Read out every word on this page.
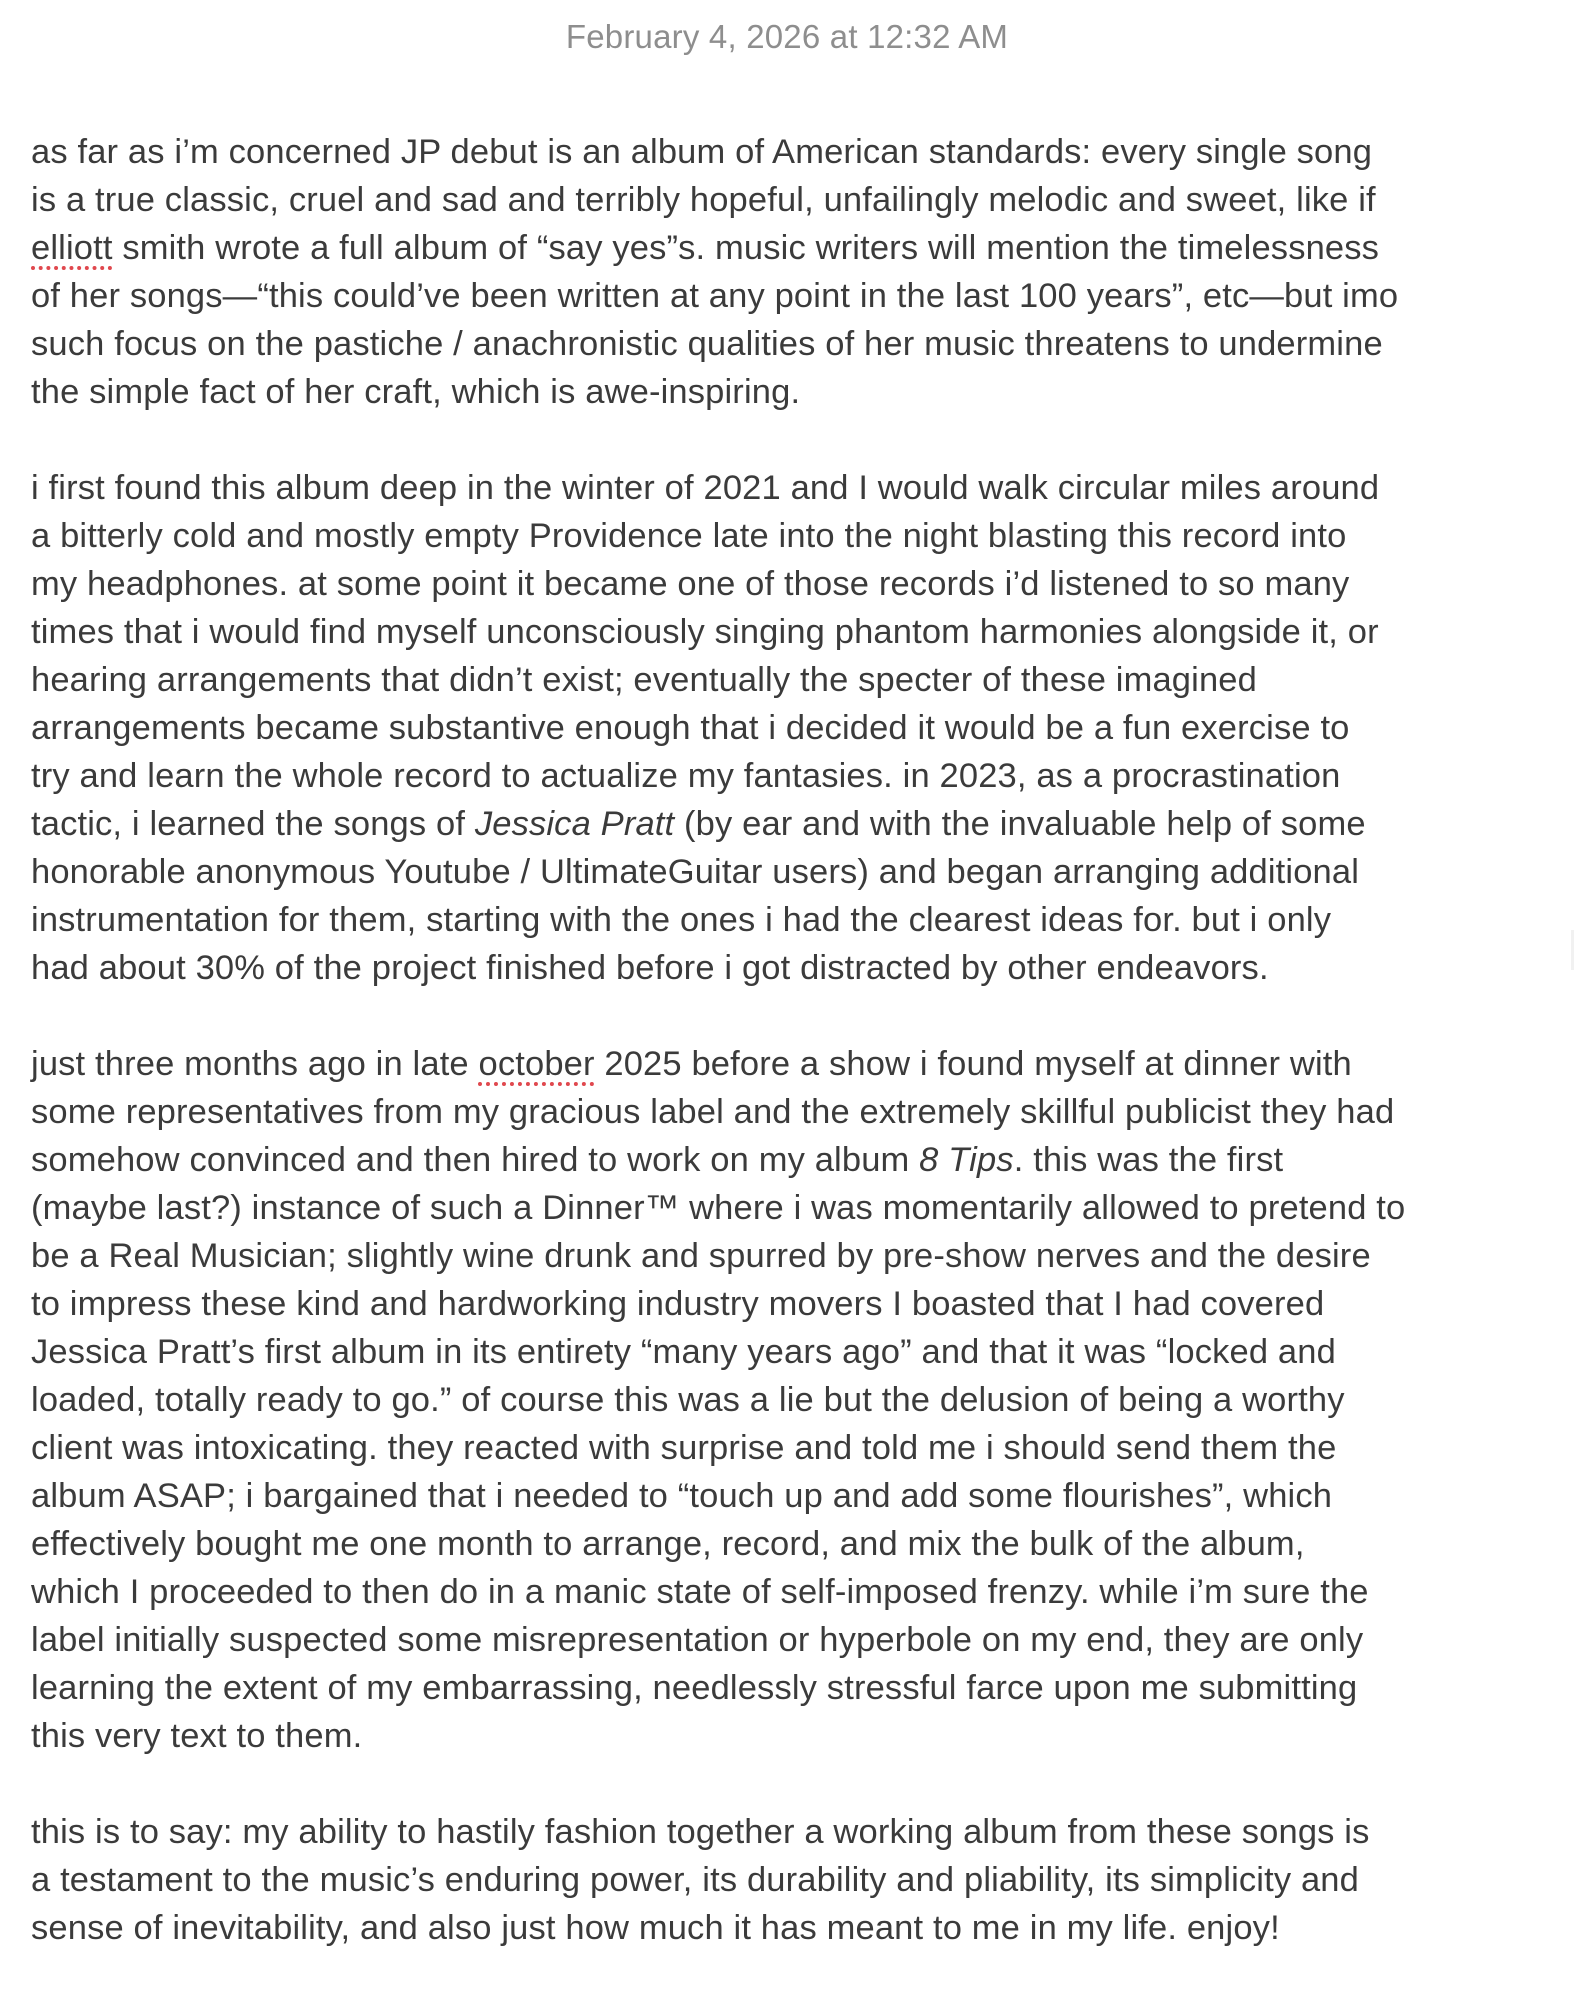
February 4, 2026 at 12:32 AM
as far as i’m concerned JP debut is an album of American standards: every single song
is a true classic, cruel and sad and terribly hopeful, unfailingly melodic and sweet, like if
elliott smith wrote a full album of “say yes”s. music writers will mention the timelessness
of her songs—“this could’ve been written at any point in the last 100 years”, etc—but imo
such focus on the pastiche / anachronistic qualities of her music threatens to undermine
the simple fact of her craft, which is awe-inspiring.
i first found this album deep in the winter of 2021 and I would walk circular miles around
a bitterly cold and mostly empty Providence late into the night blasting this record into
my headphones. at some point it became one of those records i’d listened to so many
times that i would find myself unconsciously singing phantom harmonies alongside it, or
hearing arrangements that didn’t exist; eventually the specter of these imagined
arrangements became substantive enough that i decided it would be a fun exercise to
try and learn the whole record to actualize my fantasies. in 2023, as a procrastination
tactic, i learned the songs of Jessica Pratt (by ear and with the invaluable help of some
honorable anonymous Youtube / UltimateGuitar users) and began arranging additional
instrumentation for them, starting with the ones i had the clearest ideas for. but i only
had about 30% of the project finished before i got distracted by other endeavors.
just three months ago in late october 2025 before a show i found myself at dinner with
some representatives from my gracious label and the extremely skillful publicist they had
somehow convinced and then hired to work on my album 8 Tips. this was the first
(maybe last?) instance of such a Dinner™ where i was momentarily allowed to pretend to
be a Real Musician; slightly wine drunk and spurred by pre-show nerves and the desire
to impress these kind and hardworking industry movers I boasted that I had covered
Jessica Pratt’s first album in its entirety “many years ago” and that it was “locked and
loaded, totally ready to go.” of course this was a lie but the delusion of being a worthy
client was intoxicating. they reacted with surprise and told me i should send them the
album ASAP; i bargained that i needed to “touch up and add some flourishes”, which
effectively bought me one month to arrange, record, and mix the bulk of the album,
which I proceeded to then do in a manic state of self-imposed frenzy. while i’m sure the
label initially suspected some misrepresentation or hyperbole on my end, they are only
learning the extent of my embarrassing, needlessly stressful farce upon me submitting
this very text to them.
this is to say: my ability to hastily fashion together a working album from these songs is
a testament to the music’s enduring power, its durability and pliability, its simplicity and
sense of inevitability, and also just how much it has meant to me in my life. enjoy!
